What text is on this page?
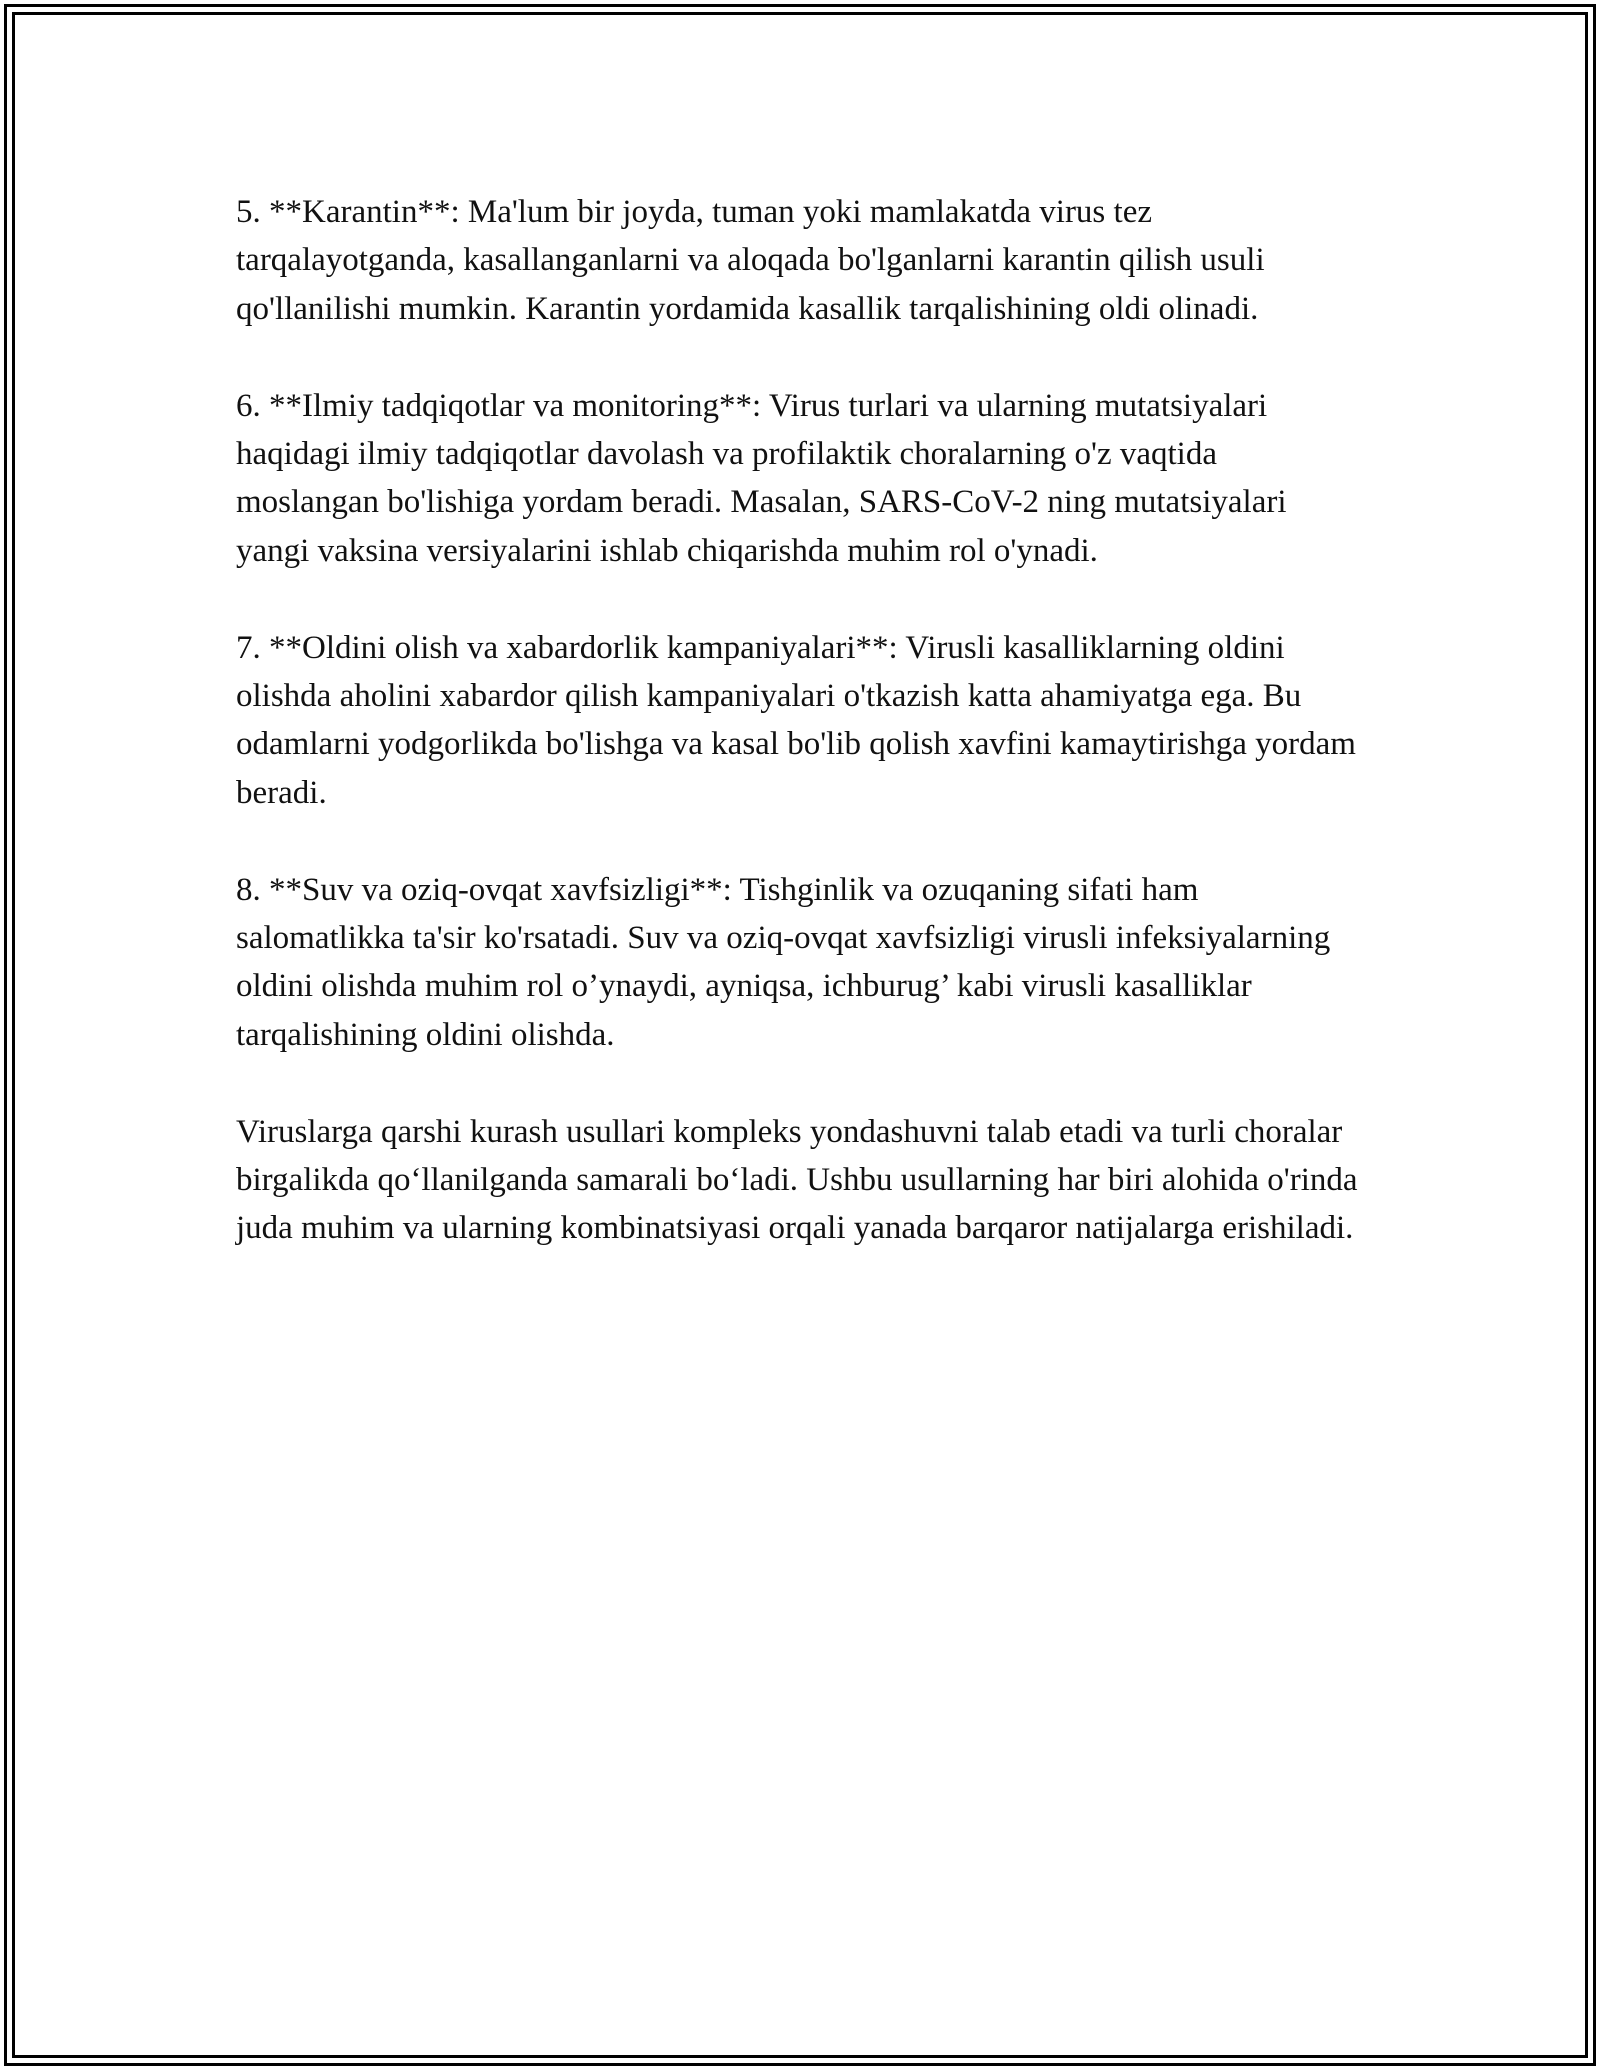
5. **Karantin**: Ma'lum bir joyda, tuman yoki mamlakatda virus tez tarqalayotganda, kasallanganlarni va aloqada bo'lganlarni karantin qilish usuli qo'llanilishi mumkin. Karantin yordamida kasallik tarqalishining oldi olinadi.

6. **Ilmiy tadqiqotlar va monitoring**: Virus turlari va ularning mutatsiyalari haqidagi ilmiy tadqiqotlar davolash va profilaktik choralarning o'z vaqtida moslangan bo'lishiga yordam beradi. Masalan, SARS-CoV-2 ning mutatsiyalari yangi vaksina versiyalarini ishlab chiqarishda muhim rol o'ynadi.

7. **Oldini olish va xabardorlik kampaniyalari**: Virusli kasalliklarning oldini olishda aholini xabardor qilish kampaniyalari o'tkazish katta ahamiyatga ega. Bu odamlarni yodgorlikda bo'lishga va kasal bo'lib qolish xavfini kamaytirishga yordam beradi.

8. **Suv va oziq-ovqat xavfsizligi**: Tishginlik va ozuqaning sifati ham salomatlikka ta'sir ko'rsatadi. Suv va oziq-ovqat xavfsizligi virusli infeksiyalarning oldini olishda muhim rol o’ynaydi, ayniqsa, ichburug’ kabi virusli kasalliklar tarqalishining oldini olishda.

Viruslarga qarshi kurash usullari kompleks yondashuvni talab etadi va turli choralar birgalikda qo‘llanilganda samarali bo‘ladi. Ushbu usullarning har biri alohida o'rinda juda muhim va ularning kombinatsiyasi orqali yanada barqaror natijalarga erishiladi.
